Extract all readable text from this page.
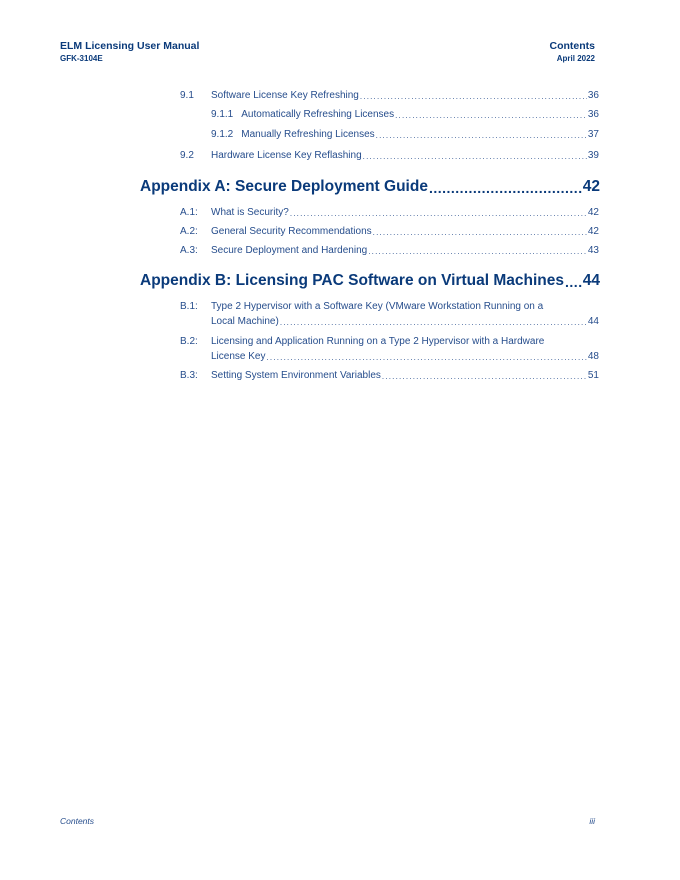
ELM Licensing User Manual
GFK-3104E
Contents
April 2022
9.1 Software License Key Refreshing .....	36
9.1.1 Automatically Refreshing Licenses .....	36
9.1.2 Manually Refreshing Licenses .....	37
9.2 Hardware License Key Reflashing .....	39
Appendix A: Secure Deployment Guide .....	42
A.1: What is Security? .....	42
A.2: General Security Recommendations .....	42
A.3: Secure Deployment and Hardening .....	43
Appendix B: Licensing PAC Software on Virtual Machines ..... 44
B.1: Type 2 Hypervisor with a Software Key (VMware Workstation Running on a
Local Machine) .....	44
B.2: Licensing and Application Running on a Type 2 Hypervisor with a Hardware
License Key .....	48
B.3: Setting System Environment Variables .....	51
Contents	iii
